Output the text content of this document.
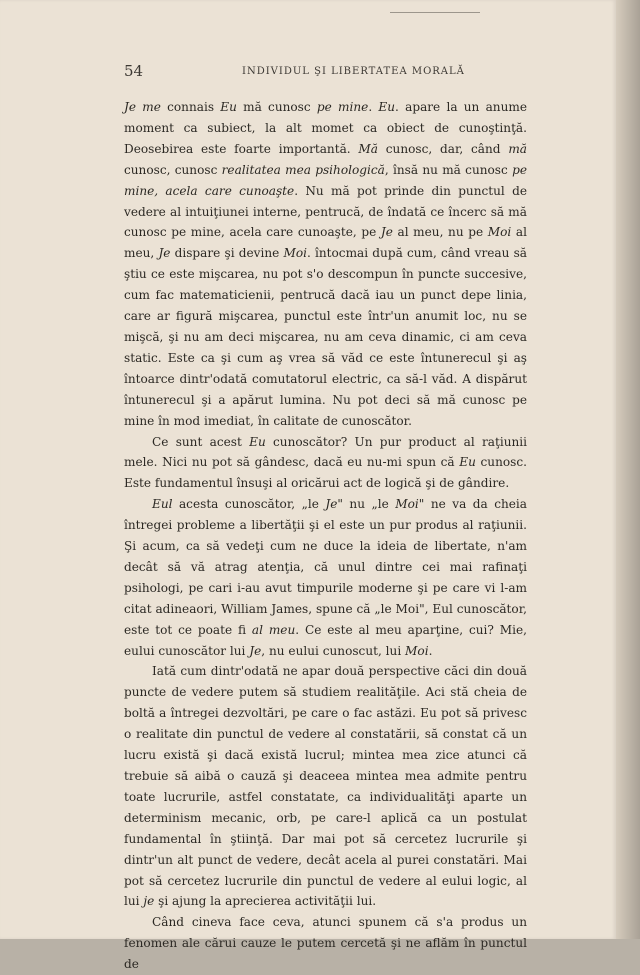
54	INDIVIDUL ŞI LIBERTATEA MORALĂ

Je me connais Eu mă cunosc pe mine. Eu. apare la un anume moment ca subiect, la alt momet ca obiect de cunoştinţă. Deosebirea este foarte importantă. Mă cunosc, dar, când mă cunosc, cunosc realitatea mea psihologică, însă nu mă cunosc pe mine, acela care cunoaşte. Nu mă pot prinde din punctul de vedere al intuiţiunei interne, pentrucă, de îndată ce încerc să mă cunosc pe mine, acela care cunoaşte, pe Je al meu, nu pe Moi al meu, Je dispare şi devine Moi. întocmai după cum, când vreau să ştiu ce este mişcarea, nu pot s'o descompun în puncte succesive, cum fac matematicienii, pentrucă dacă iau un punct depe linia, care ar figură mişcarea, punctul este într'un anumit loc, nu se mişcă, şi nu am deci mişcarea, nu am ceva dinamic, ci am ceva static. Este ca şi cum aş vrea să văd ce este întunerecul şi aş întoarce dintr'odată comutatorul electric, ca să-l văd. A dispărut întunerecul şi a apărut lumina. Nu pot deci să mă cunosc pe mine în mod imediat, în calitate de cunoscător.

Ce sunt acest Eu cunoscător? Un pur product al raţiunii mele. Nici nu pot să gândesc, dacă eu nu-mi spun că Eu cunosc. Este fundamentul însuşi al oricărui act de logică şi de gândire.

Eul acesta cunoscător, „le Je" nu „le Moi" ne va da cheia întregei probleme a libertăţii şi el este un pur produs al raţiunii. Şi acum, ca să vedeţi cum ne duce la ideia de libertate, n'am decât să vă atrag atenţia, că unul dintre cei mai rafinaţi psihologi, pe cari i-au avut timpurile moderne şi pe care vi l-am citat adineaori, William James, spune că „le Moi", Eul cunoscător, este tot ce poate fi al meu. Ce este al meu aparţine, cui? Mie, eului cunoscător lui Je, nu eului cunoscut, lui Moi.

Iată cum dintr'odată ne apar două perspective căci din două puncte de vedere putem să studiem realităţile. Aci stă cheia de boltă a întregei dezvoltări, pe care o fac astăzi. Eu pot să privesc o realitate din punctul de vedere al constatării, să constat că un lucru există şi dacă există lucrul; mintea mea zice atunci că trebuie să aibă o cauză şi deaceea mintea mea admite pentru toate lucrurile, astfel constatate, ca individualităţi aparte un determinism mecanic, orb, pe care-l aplică ca un postulat fundamental în ştiinţă. Dar mai pot să cercetez lucrurile şi dintr'un alt punct de vedere, decât acela al purei constatări. Mai pot să cercetez lucrurile din punctul de vedere al eului logic, al lui je şi ajung la aprecierea activităţii lui.

Când cineva face ceva, atunci spunem că s'a produs un fenomen ale cărui cauze le putem cercetă şi ne aflăm în punctul de
